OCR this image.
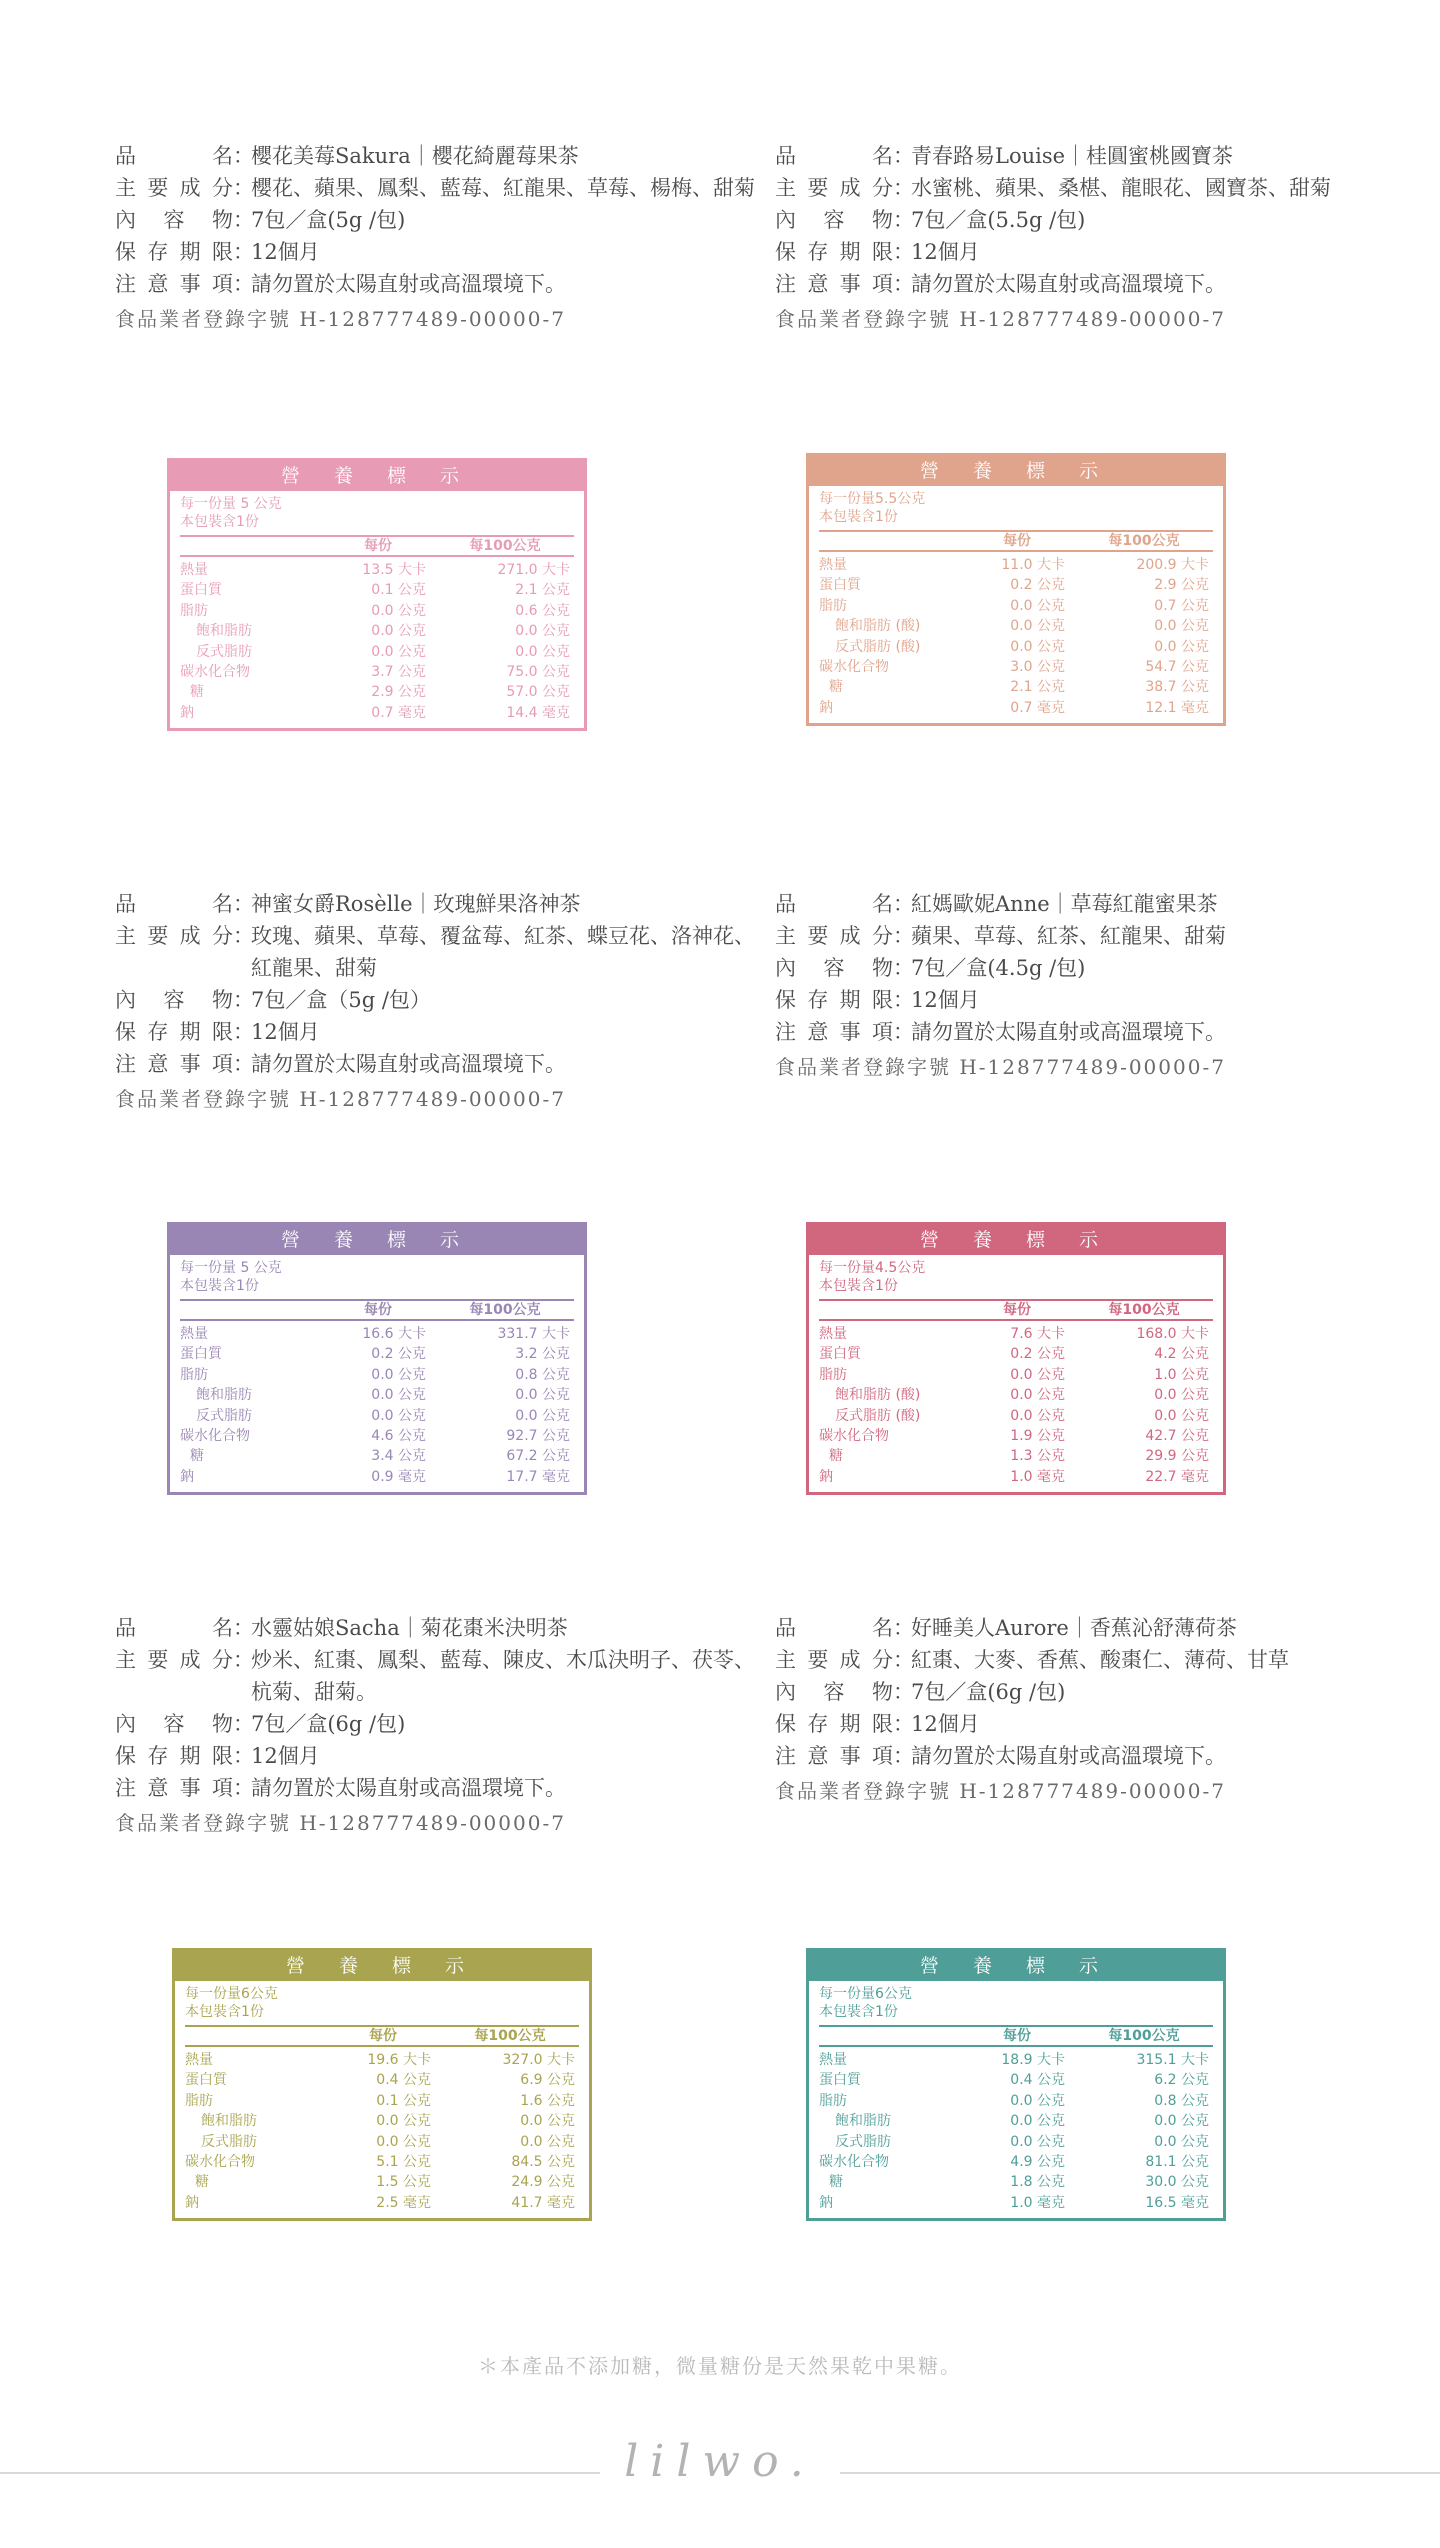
品　　名 ：
櫻花美莓Sakura｜櫻花綺麗莓果茶
主要成分 ：
櫻花、蘋果、鳳梨、藍莓、紅龍果、草莓、楊梅、甜菊
內 容 物 ：
7包／盒(5g /包)
保存期限 ：
12個月
注意事項 ：
請勿置於太陽直射或高溫環境下。
食品業者登錄字號 H-128777489-00000-7
營 養 標 示
每一份量 5 公克
本包裝含1份
每份	每100公克
熱量	13.5 大卡	271.0 大卡
蛋白質	0.1 公克	2.1 公克
脂肪	0.0 公克	0.6 公克
飽和脂肪	0.0 公克	0.0 公克
反式脂肪	0.0 公克	0.0 公克
碳水化合物	3.7 公克	75.0 公克
糖	2.9 公克	57.0 公克
鈉	0.7 毫克	14.4 毫克
品　　名 ：
青春路易Louise｜桂圓蜜桃國寶茶
主要成分 ：
水蜜桃、蘋果、桑椹、龍眼花、國寶茶、甜菊
內 容 物 ：
7包／盒(5.5g /包)
保存期限 ：
12個月
注意事項 ：
請勿置於太陽直射或高溫環境下。
食品業者登錄字號 H-128777489-00000-7
營 養 標 示
每一份量5.5公克
本包裝含1份
每份	每100公克
熱量	11.0 大卡	200.9 大卡
蛋白質	0.2 公克	2.9 公克
脂肪	0.0 公克	0.7 公克
飽和脂肪 (酸)	0.0 公克	0.0 公克
反式脂肪 (酸)	0.0 公克	0.0 公克
碳水化合物	3.0 公克	54.7 公克
糖	2.1 公克	38.7 公克
鈉	0.7 毫克	12.1 毫克
品　　名 ：
神蜜女爵Rosèlle｜玫瑰鮮果洛神茶
主要成分 ：
玫瑰、蘋果、草莓、覆盆莓、紅茶、蝶豆花、洛神花、紅龍果、甜菊
內 容 物 ：
7包／盒（5g /包）
保存期限 ：
12個月
注意事項 ：
請勿置於太陽直射或高溫環境下。
食品業者登錄字號 H-128777489-00000-7
營 養 標 示
每一份量 5 公克
本包裝含1份
每份	每100公克
熱量	16.6 大卡	331.7 大卡
蛋白質	0.2 公克	3.2 公克
脂肪	0.0 公克	0.8 公克
飽和脂肪	0.0 公克	0.0 公克
反式脂肪	0.0 公克	0.0 公克
碳水化合物	4.6 公克	92.7 公克
糖	3.4 公克	67.2 公克
鈉	0.9 毫克	17.7 毫克
品　　名 ：
紅媽歐妮Anne｜草莓紅龍蜜果茶
主要成分 ：
蘋果、草莓、紅茶、紅龍果、甜菊
內 容 物 ：
7包／盒(4.5g /包)
保存期限 ：
12個月
注意事項 ：
請勿置於太陽直射或高溫環境下。
食品業者登錄字號 H-128777489-00000-7
營 養 標 示
每一份量4.5公克
本包裝含1份
每份	每100公克
熱量	7.6 大卡	168.0 大卡
蛋白質	0.2 公克	4.2 公克
脂肪	0.0 公克	1.0 公克
飽和脂肪 (酸)	0.0 公克	0.0 公克
反式脂肪 (酸)	0.0 公克	0.0 公克
碳水化合物	1.9 公克	42.7 公克
糖	1.3 公克	29.9 公克
鈉	1.0 毫克	22.7 毫克
品　　名 ：
水靈姑娘Sacha｜菊花棗米決明茶
主要成分 ：
炒米、紅棗、鳳梨、藍莓、陳皮、木瓜決明子、茯苓、杭菊、甜菊。
內 容 物 ：
7包／盒(6g /包)
保存期限 ：
12個月
注意事項 ：
請勿置於太陽直射或高溫環境下。
食品業者登錄字號 H-128777489-00000-7
營 養 標 示
每一份量6公克
本包裝含1份
每份	每100公克
熱量	19.6 大卡	327.0 大卡
蛋白質	0.4 公克	6.9 公克
脂肪	0.1 公克	1.6 公克
飽和脂肪	0.0 公克	0.0 公克
反式脂肪	0.0 公克	0.0 公克
碳水化合物	5.1 公克	84.5 公克
糖	1.5 公克	24.9 公克
鈉	2.5 毫克	41.7 毫克
品　　名 ：
好睡美人Aurore｜香蕉沁舒薄荷茶
主要成分 ：
紅棗、大麥、香蕉、酸棗仁、薄荷、甘草
內 容 物 ：
7包／盒(6g /包)
保存期限 ：
12個月
注意事項 ：
請勿置於太陽直射或高溫環境下。
食品業者登錄字號 H-128777489-00000-7
營 養 標 示
每一份量6公克
本包裝含1份
每份	每100公克
熱量	18.9 大卡	315.1 大卡
蛋白質	0.4 公克	6.2 公克
脂肪	0.0 公克	0.8 公克
飽和脂肪	0.0 公克	0.0 公克
反式脂肪	0.0 公克	0.0 公克
碳水化合物	4.9 公克	81.1 公克
糖	1.8 公克	30.0 公克
鈉	1.0 毫克	16.5 毫克
＊本產品不添加糖，微量糖份是天然果乾中果糖。
lilwo.
